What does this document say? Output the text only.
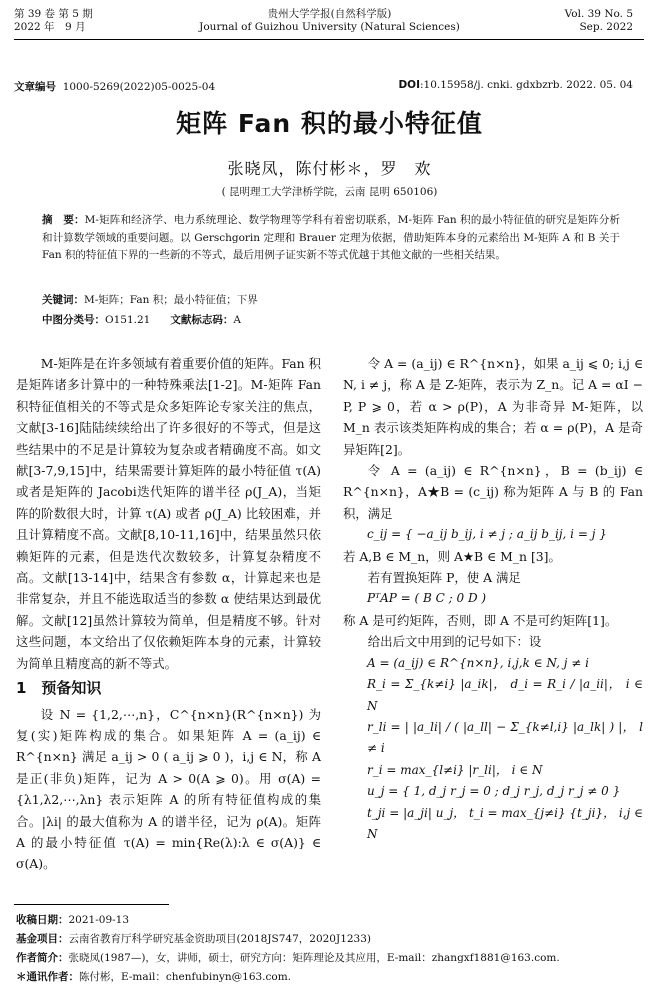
第 39 卷 第 5 期
2022 年　9 月
贵州大学学报(自然科学版)
Journal of Guizhou University (Natural Sciences)
Vol. 39 No. 5
Sep. 2022
文章编号 1000-5269(2022)05-0025-04	DOI:10.15958/j. cnki. gdxbzrb. 2022. 05. 04
矩阵 Fan 积的最小特征值
张晓凤，陈付彬＊，罗　欢
( 昆明理工大学津桥学院，云南 昆明 650106)
摘　要：M-矩阵和经济学、电力系统理论、数学物理等学科有着密切联系，M-矩阵 Fan 积的最小特征值的研究是矩阵分析和计算数学领域的重要问题。以 Gerschgorin 定理和 Brauer 定理为依据，借助矩阵本身的元素给出 M-矩阵 A 和 B 关于 Fan 积的特征值下界的一些新的不等式，最后用例子证实新不等式优越于其他文献的一些相关结果。
关键词：M-矩阵；Fan 积；最小特征值；下界
中图分类号：O151.21 文献标志码：A

M-矩阵是在许多领域有着重要价值的矩阵。Fan 积是矩阵诸多计算中的一种特殊乘法[1-2]。M-矩阵 Fan 积特征值相关的不等式是众多矩阵论专家关注的焦点，文献[3-16]陆陆续续给出了许多很好的不等式，但是这些结果中的不足是计算较为复杂或者精确度不高。如文献[3-7,9,15]中，结果需要计算矩阵的最小特征值 τ(A) 或者是矩阵的 Jacobi迭代矩阵的谱半径 ρ(J_A)，当矩阵的阶数很大时，计算 τ(A) 或者 ρ(J_A) 比较困难，并且计算精度不高。文献[8,10-11,16]中，结果虽然只依赖矩阵的元素，但是迭代次数较多，计算复杂精度不高。文献[13-14]中，结果含有参数 α，计算起来也是非常复杂，并且不能选取适当的参数 α 使结果达到最优解。文献[12]虽然计算较为简单，但是精度不够。针对这些问题，本文给出了仅依赖矩阵本身的元素，计算较为简单且精度高的新不等式。

1　预备知识

设 N = {1,2,⋯,n}，C^{n×n}(R^{n×n}) 为复(实)矩阵构成的集合。如果矩阵 A = (a_ij) ∈ R^{n×n} 满足 a_ij > 0 ( a_ij ⩾ 0 )，i,j ∈ N，称 A 是正(非负)矩阵，记为 A > 0(A ⩾ 0)。用 σ(A) = {λ1,λ2,⋯,λn} 表示矩阵 A 的所有特征值构成的集合。|λi| 的最大值称为 A 的谱半径，记为 ρ(A)。矩阵 A 的最小特征值 τ(A) = min{Re(λ):λ ∈ σ(A)} ∈ σ(A)。

令 A = (a_ij) ∈ R^{n×n}，如果 a_ij ⩽ 0; i,j ∈ N, i ≠ j，称 A 是 Z-矩阵，表示为 Z_n。记 A = αI − P, P ⩾ 0，若 α > ρ(P)，A 为非奇异 M-矩阵，以 M_n 表示该类矩阵构成的集合；若 α = ρ(P)，A 是奇异矩阵[2]。

令 A = (a_ij) ∈ R^{n×n}，B = (b_ij) ∈ R^{n×n}，A★B = (c_ij) 称为矩阵 A 与 B 的 Fan 积，满足

c_ij = { −a_ij b_ij, i ≠ j ; a_ij b_ij, i = j }

若 A,B ∈ M_n，则 A★B ∈ M_n [3]。

若有置换矩阵 P，使 A 满足

PᵀAP = ( B C ; 0 D )

称 A 是可约矩阵，否则，即 A 不是可约矩阵[1]。

给出后文中用到的记号如下：设

A = (a_ij) ∈ R^{n×n}, i,j,k ∈ N, j ≠ i

R_i = Σ_{k≠i} |a_ik|， d_i = R_i / |a_ii|， i ∈ N

r_li = | |a_li| / ( |a_ll| − Σ_{k≠l,i} |a_lk| ) |， l ≠ i

r_i = max_{l≠i} |r_li|， i ∈ N

u_j = { 1, d_j r_j = 0 ; d_j r_j, d_j r_j ≠ 0 }

t_ji = |a_ji| u_j， t_i = max_{j≠i} {t_ji}， i,j ∈ N

收稿日期：2021-09-13
基金项目：云南省教育厅科学研究基金资助项目(2018JS747，2020J1233)
作者简介：张晓凤(1987—)，女，讲师，硕士，研究方向：矩阵理论及其应用，E-mail：zhangxf1881@163.com.
＊通讯作者：陈付彬，E-mail：chenfubinyn@163.com.
